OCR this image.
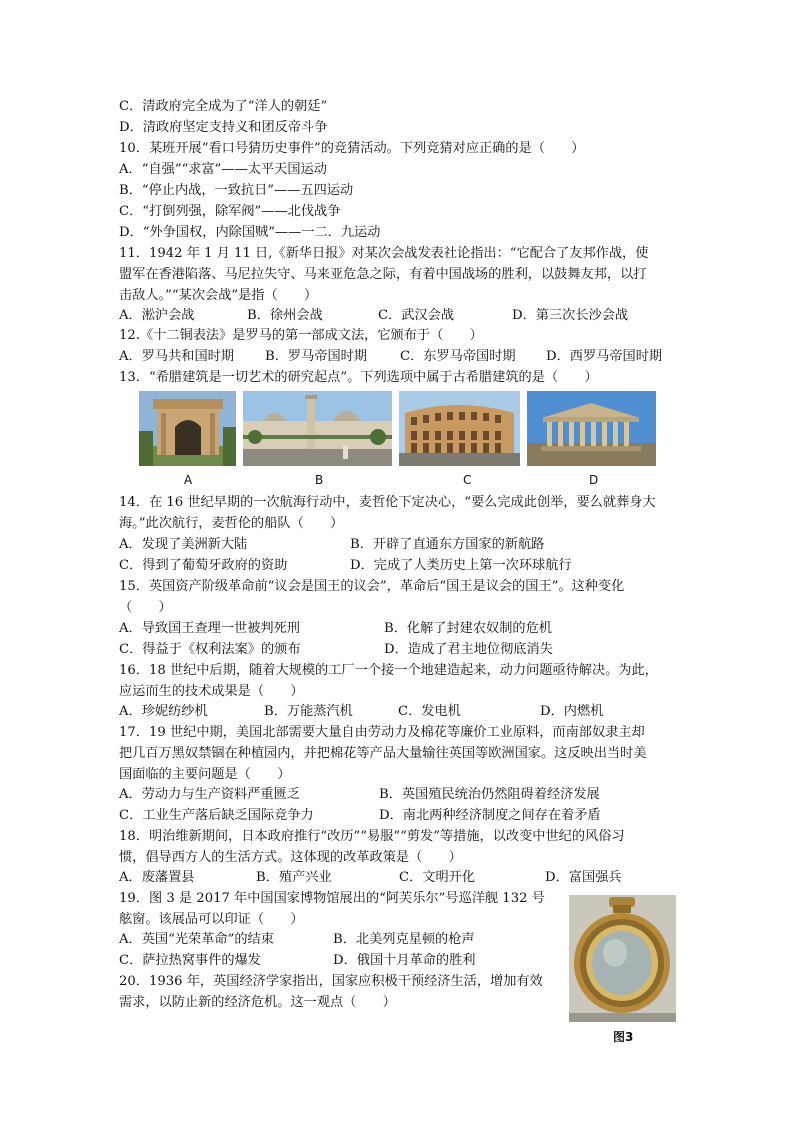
C．清政府完全成为了“洋人的朝廷”
D．清政府坚定支持义和团反帝斗争
10．某班开展“看口号猜历史事件”的竞猜活动。下列竞猜对应正确的是（　　）
A．“自强”“求富”——太平天国运动
B．“停止内战，一致抗日”——五四运动
C．“打倒列强，除军阀”——北伐战争
D．“外争国权，内除国贼”——一二．九运动
11．1942 年 1 月 11 日,《新华日报》对某次会战发表社论指出：“它配合了友邦作战，使
盟军在香港陷落、马尼拉失守、马来亚危急之际，有着中国战场的胜利，以鼓舞友邦，以打
击敌人。”“某次会战”是指（　　）
A．淞沪会战	B．徐州会战	C．武汉会战	D．第三次长沙会战
12.《十二铜表法》是罗马的第一部成文法，它颁布于（　　）
A．罗马共和国时期 B．罗马帝国时期 C．东罗马帝国时期 D．西罗马帝国时期
13．“希腊建筑是一切艺术的研究起点”。下列选项中属于古希腊建筑的是（　　）
A	B	C	D
14．在 16 世纪早期的一次航海行动中，麦哲伦下定决心，“要么完成此创举，要么就葬身大
海。”此次航行，麦哲伦的船队（　　）
A．发现了美洲新大陆	B．开辟了直通东方国家的新航路
C．得到了葡萄牙政府的资助	D．完成了人类历史上第一次环球航行
15．英国资产阶级革命前“议会是国王的议会”，革命后“国王是议会的国王”。这种变化
（　　）
A．导致国王查理一世被判死刑	B．化解了封建农奴制的危机
C．得益于《权利法案》的颁布	D．造成了君主地位彻底消失
16．18 世纪中后期，随着大规模的工厂一个接一个地建造起来，动力问题亟待解决。为此，
应运而生的技术成果是（　　）
A．珍妮纺纱机	B．万能蒸汽机	C．发电机	D．内燃机
17．19 世纪中期，美国北部需要大量自由劳动力及棉花等廉价工业原料，而南部奴隶主却
把几百万黑奴禁锢在种植园内，并把棉花等产品大量输往英国等欧洲国家。这反映出当时美
国面临的主要问题是（　　）
A．劳动力与生产资料严重匮乏	B．英国殖民统治仍然阻碍着经济发展
C．工业生产落后缺乏国际竞争力	D．南北两种经济制度之间存在着矛盾
18．明治维新期间，日本政府推行“改历”“易服”“剪发”等措施，以改变中世纪的风俗习
惯，倡导西方人的生活方式。这体现的改革政策是（　　）
A．废藩置县	B．殖产兴业	C．文明开化	D．富国强兵
19．图 3 是 2017 年中国国家博物馆展出的“阿芙乐尔”号巡洋舰 132 号
舷窗。该展品可以印证（　　）
A．英国“光荣革命”的结束	B．北美列克星顿的枪声
C．萨拉热窝事件的爆发	D．俄国十月革命的胜利
20．1936 年，英国经济学家指出，国家应积极干预经济生活，增加有效
需求，以防止新的经济危机。这一观点（　　）
图3
